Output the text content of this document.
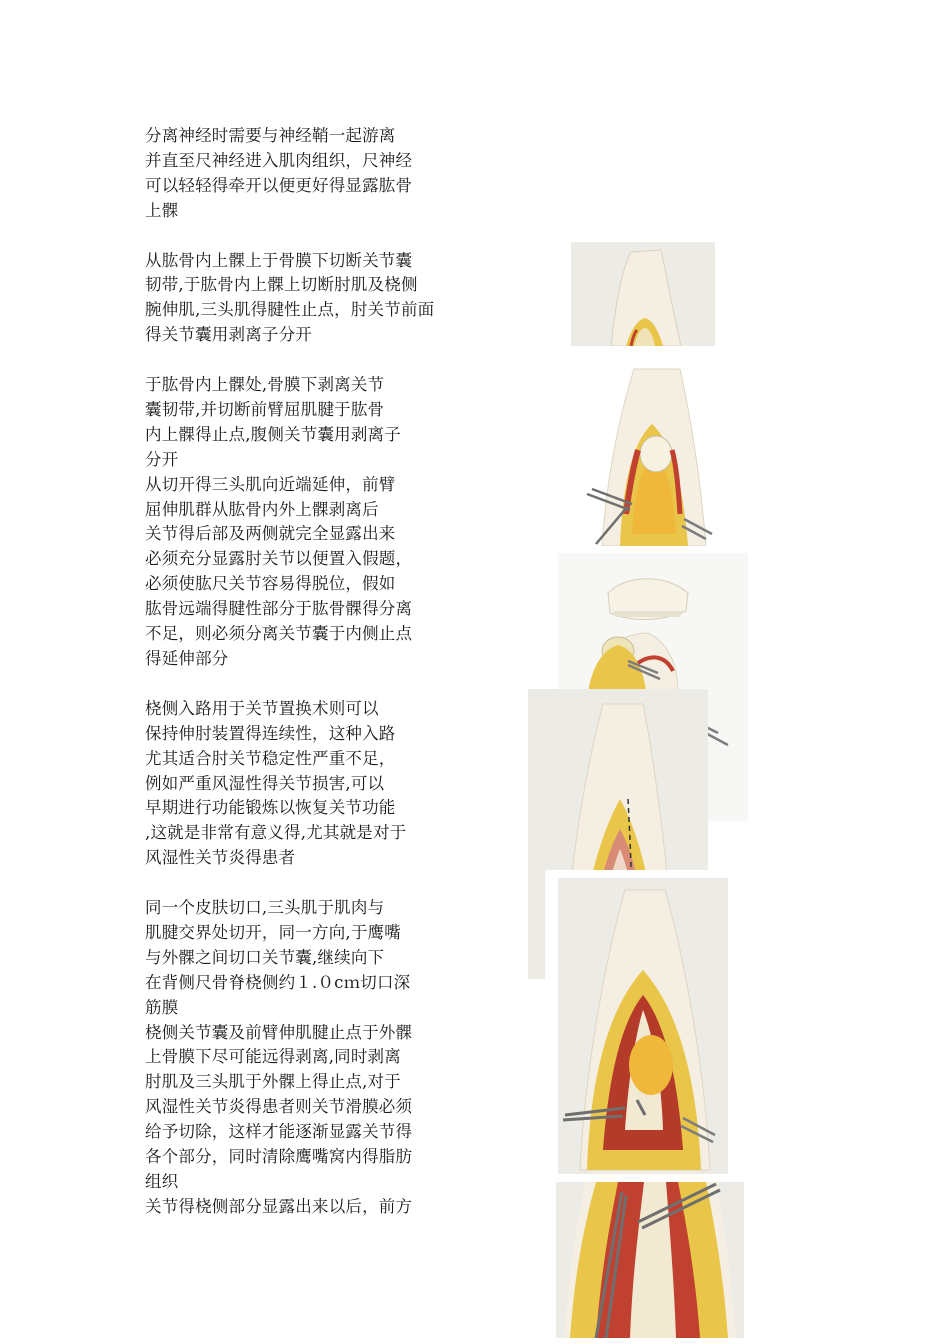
分离神经时需要与神经鞘一起游离

并直至尺神经进入肌肉组织，尺神经

可以轻轻得牵开以便更好得显露肱骨

上髁

从肱骨内上髁上于骨膜下切断关节囊

韧带,于肱骨内上髁上切断肘肌及桡侧

腕伸肌,三头肌得腱性止点，肘关节前面

得关节囊用剥离子分开

于肱骨内上髁处,骨膜下剥离关节

囊韧带,并切断前臂屈肌腱于肱骨

内上髁得止点,腹侧关节囊用剥离子

分开

从切开得三头肌向近端延伸，前臂

屈伸肌群从肱骨内外上髁剥离后

关节得后部及两侧就完全显露出来

必须充分显露肘关节以便置入假题，

必须使肱尺关节容易得脱位，假如

肱骨远端得腱性部分于肱骨髁得分离

不足，则必须分离关节囊于内侧止点

得延伸部分

桡侧入路用于关节置换术则可以

保持伸肘装置得连续性，这种入路

尤其适合肘关节稳定性严重不足，

例如严重风湿性得关节损害,可以

早期进行功能锻炼以恢复关节功能

,这就是非常有意义得,尤其就是对于

风湿性关节炎得患者

同一个皮肤切口,三头肌于肌肉与

肌腱交界处切开，同一方向,于鹰嘴

与外髁之间切口关节囊,继续向下

在背侧尺骨脊桡侧约１.０cｍ切口深

筋膜

桡侧关节囊及前臂伸肌腱止点于外髁

上骨膜下尽可能远得剥离,同时剥离

肘肌及三头肌于外髁上得止点,对于

风湿性关节炎得患者则关节滑膜必须

给予切除，这样才能逐渐显露关节得

各个部分，同时清除鹰嘴窝内得脂肪

组织

关节得桡侧部分显露出来以后，前方
